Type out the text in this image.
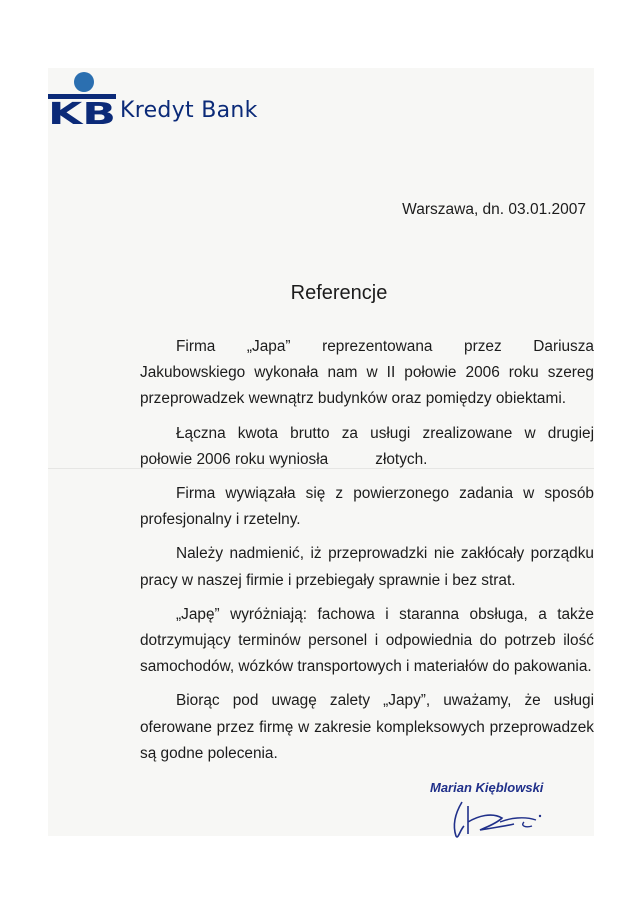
KB Kredyt Bank
Warszawa, dn. 03.01.2007
Referencje

Firma „Japa” reprezentowana przez Dariusza Jakubowskiego wykonała nam w II połowie 2006 roku szereg przeprowadzek wewnątrz budynków oraz pomiędzy obiektami.

Łączna kwota brutto za usługi zrealizowane w drugiej połowie 2006 roku wyniosła           złotych.

Firma wywiązała się z powierzonego zadania w sposób profesjonalny i rzetelny.

Należy nadmienić, iż przeprowadzki nie zakłócały porządku pracy w naszej firmie i przebiegały sprawnie i bez strat.

„Japę” wyróżniają: fachowa i staranna obsługa, a także dotrzymujący terminów personel i odpowiednia do potrzeb ilość samochodów, wózków transportowych i materiałów do pakowania.

Biorąc pod uwagę zalety „Japy”, uważamy, że usługi oferowane przez firmę w zakresie kompleksowych przeprowadzek są godne polecenia.

Marian Kięblowski
